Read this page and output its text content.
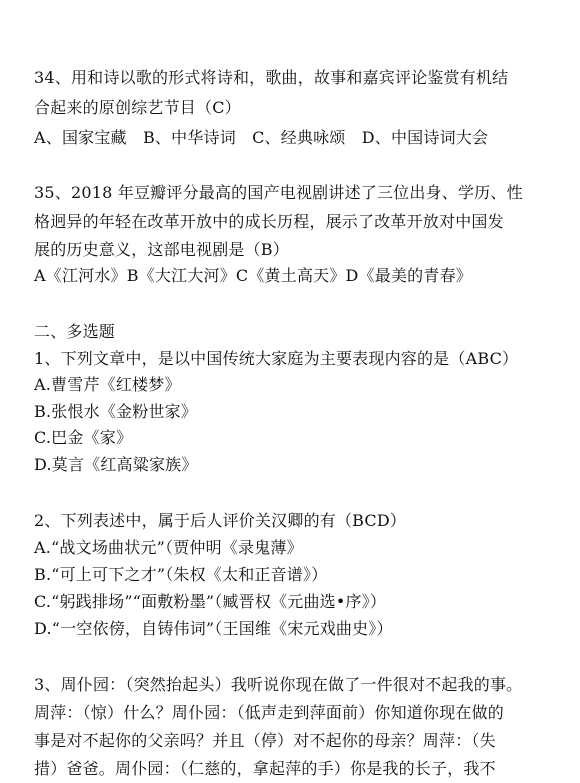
34、用和诗以歌的形式将诗和，歌曲，故事和嘉宾评论鉴赏有机结
合起来的原创综艺节目（C）
A、国家宝藏　B、中华诗词　C、经典咏颂　D、中国诗词大会
35、2018 年豆瓣评分最高的国产电视剧讲述了三位出身、学历、性
格迥异的年轻在改革开放中的成长历程，展示了改革开放对中国发
展的历史意义，这部电视剧是（B）
A《江河水》B《大江大河》C《黄土高天》D《最美的青春》
二、多选题
1、下列文章中，是以中国传统大家庭为主要表现内容的是（ABC）
A.曹雪芹《红楼梦》
B.张恨水《金粉世家》
C.巴金《家》
D.莫言《红高粱家族》
2、下列表述中，属于后人评价关汉卿的有（BCD）
A.“战文场曲状元”（贾仲明《录鬼薄》
B.“可上可下之才”（朱权《太和正音谱》）
C.“躬践排场”“面敷粉墨”（臧晋权《元曲选•序》）
D.“一空依傍，自铸伟词”（王国维《宋元戏曲史》）
3、周仆园：（突然抬起头）我听说你现在做了一件很对不起我的事。
周萍：（惊）什么？周仆园：（低声走到萍面前）你知道你现在做的
事是对不起你的父亲吗？并且（停）对不起你的母亲？周萍：（失
措）爸爸。周仆园：（仁慈的，拿起萍的手）你是我的长子，我不
